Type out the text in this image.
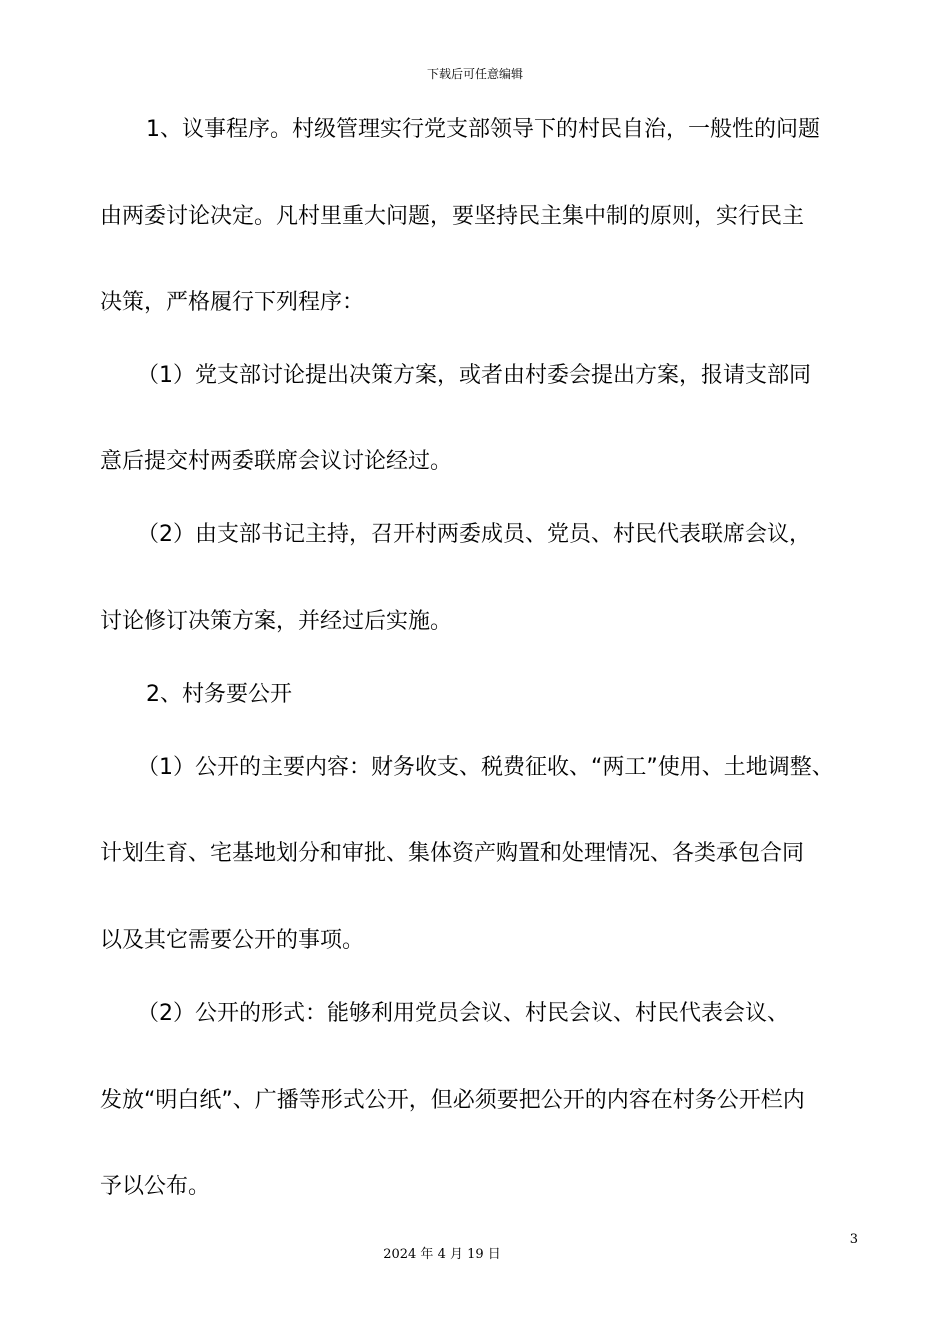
下载后可任意编辑
1、议事程序。村级管理实行党支部领导下的村民自治，一般性的问题
由两委讨论决定。凡村里重大问题，要坚持民主集中制的原则，实行民主
决策，严格履行下列程序：
（1）党支部讨论提出决策方案，或者由村委会提出方案，报请支部同
意后提交村两委联席会议讨论经过。
（2）由支部书记主持，召开村两委成员、党员、村民代表联席会议，
讨论修订决策方案，并经过后实施。
2、村务要公开
（1）公开的主要内容：财务收支、税费征收、“两工”使用、土地调整、
计划生育、宅基地划分和审批、集体资产购置和处理情况、各类承包合同
以及其它需要公开的事项。
（2）公开的形式：能够利用党员会议、村民会议、村民代表会议、
发放“明白纸”、广播等形式公开，但必须要把公开的内容在村务公开栏内
予以公布。
3
2024 年 4 月 19 日
